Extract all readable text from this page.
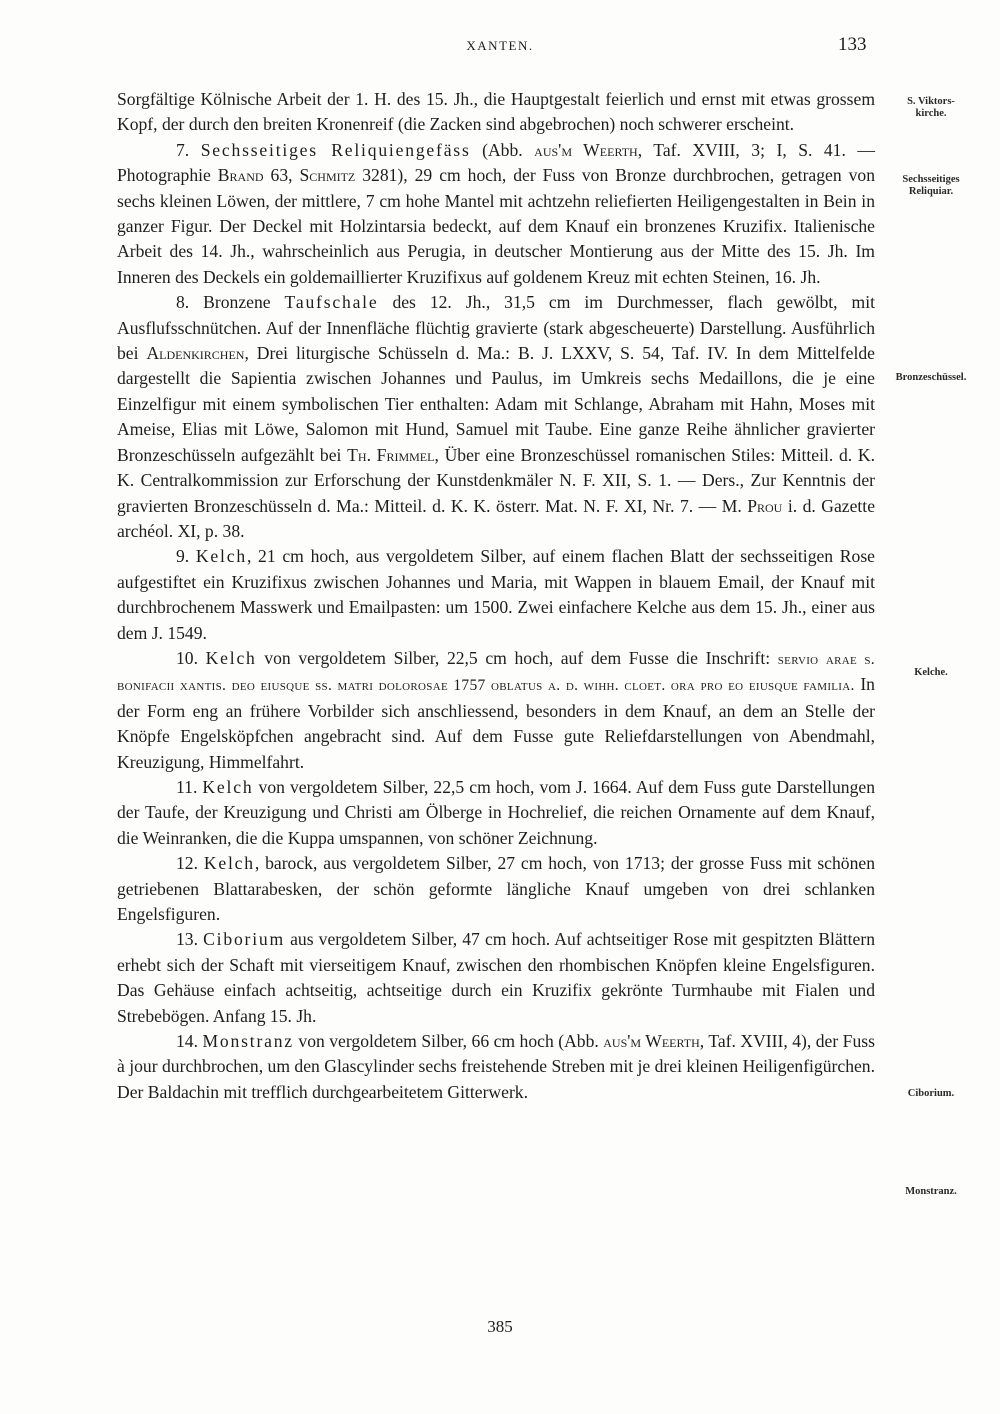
XANTEN.	133

Sorgfältige Kölnische Arbeit der 1. H. des 15. Jh., die Hauptgestalt feierlich und ernst mit etwas grossem Kopf, der durch den breiten Kronenreif (die Zacken sind abgebrochen) noch schwerer erscheint.

7. Sechsseitiges Reliquiengefäss (Abb. aus'm Weerth, Taf. XVIII, 3; I, S. 41. — Photographie Brand 63, Schmitz 3281), 29 cm hoch, der Fuss von Bronze durchbrochen, getragen von sechs kleinen Löwen, der mittlere, 7 cm hohe Mantel mit achtzehn reliefierten Heiligengestalten in Bein in ganzer Figur. Der Deckel mit Holzintarsia bedeckt, auf dem Knauf ein bronzenes Kruzifix. Italienische Arbeit des 14. Jh., wahrscheinlich aus Perugia, in deutscher Montierung aus der Mitte des 15. Jh. Im Inneren des Deckels ein goldemaillierter Kruzifixus auf goldenem Kreuz mit echten Steinen, 16. Jh.

8. Bronzene Taufschale des 12. Jh., 31,5 cm im Durchmesser, flach gewölbt, mit Ausflufsschnütchen. Auf der Innenfläche flüchtig gravierte (stark abgescheuerte) Darstellung. Ausführlich bei Aldenkirchen, Drei liturgische Schüsseln d. Ma.: B. J. LXXV, S. 54, Taf. IV. In dem Mittelfelde dargestellt die Sapientia zwischen Johannes und Paulus, im Umkreis sechs Medaillons, die je eine Einzelfigur mit einem symbolischen Tier enthalten: Adam mit Schlange, Abraham mit Hahn, Moses mit Ameise, Elias mit Löwe, Salomon mit Hund, Samuel mit Taube. Eine ganze Reihe ähnlicher gravierter Bronzeschüsseln aufgezählt bei Th. Frimmel, Über eine Bronzeschüssel romanischen Stiles: Mitteil. d. K. K. Centralkommission zur Erforschung der Kunstdenkmäler N. F. XII, S. 1. — Ders., Zur Kenntnis der gravierten Bronzeschüsseln d. Ma.: Mitteil. d. K. K. österr. Mat. N. F. XI, Nr. 7. — M. Prou i. d. Gazette archéol. XI, p. 38.

9. Kelch, 21 cm hoch, aus vergoldetem Silber, auf einem flachen Blatt der sechsseitigen Rose aufgestiftet ein Kruzifixus zwischen Johannes und Maria, mit Wappen in blauem Email, der Knauf mit durchbrochenem Masswerk und Emailpasten: um 1500. Zwei einfachere Kelche aus dem 15. Jh., einer aus dem J. 1549.

10. Kelch von vergoldetem Silber, 22,5 cm hoch, auf dem Fusse die Inschrift: servio arae s. bonifacii xantis. deo eiusque ss. matri dolorosae 1757 oblatus a. d. wihh. cloet. ora pro eo eiusque familia. In der Form eng an frühere Vorbilder sich anschliessend, besonders in dem Knauf, an dem an Stelle der Knöpfe Engelsköpfchen angebracht sind. Auf dem Fusse gute Reliefdarstellungen von Abendmahl, Kreuzigung, Himmelfahrt.

11. Kelch von vergoldetem Silber, 22,5 cm hoch, vom J. 1664. Auf dem Fuss gute Darstellungen der Taufe, der Kreuzigung und Christi am Ölberge in Hochrelief, die reichen Ornamente auf dem Knauf, die Weinranken, die die Kuppa umspannen, von schöner Zeichnung.

12. Kelch, barock, aus vergoldetem Silber, 27 cm hoch, von 1713; der grosse Fuss mit schönen getriebenen Blattarabesken, der schön geformte längliche Knauf umgeben von drei schlanken Engelsfiguren.

13. Ciborium aus vergoldetem Silber, 47 cm hoch. Auf achtseitiger Rose mit gespitzten Blättern erhebt sich der Schaft mit vierseitigem Knauf, zwischen den rhombischen Knöpfen kleine Engelsfiguren. Das Gehäuse einfach achtseitig, achtseitige durch ein Kruzifix gekrönte Turmhaube mit Fialen und Strebebögen. Anfang 15. Jh.

14. Monstranz von vergoldetem Silber, 66 cm hoch (Abb. aus'm Weerth, Taf. XVIII, 4), der Fuss à jour durchbrochen, um den Glascylinder sechs freistehende Streben mit je drei kleinen Heiligenfigürchen. Der Baldachin mit trefflich durchgearbeitetem Gitterwerk.

S. Viktors-
kirche.
Sechsseitiges
Reliquiar.
Bronzeschüssel.
Kelche.
Ciborium.
Monstranz.
385
